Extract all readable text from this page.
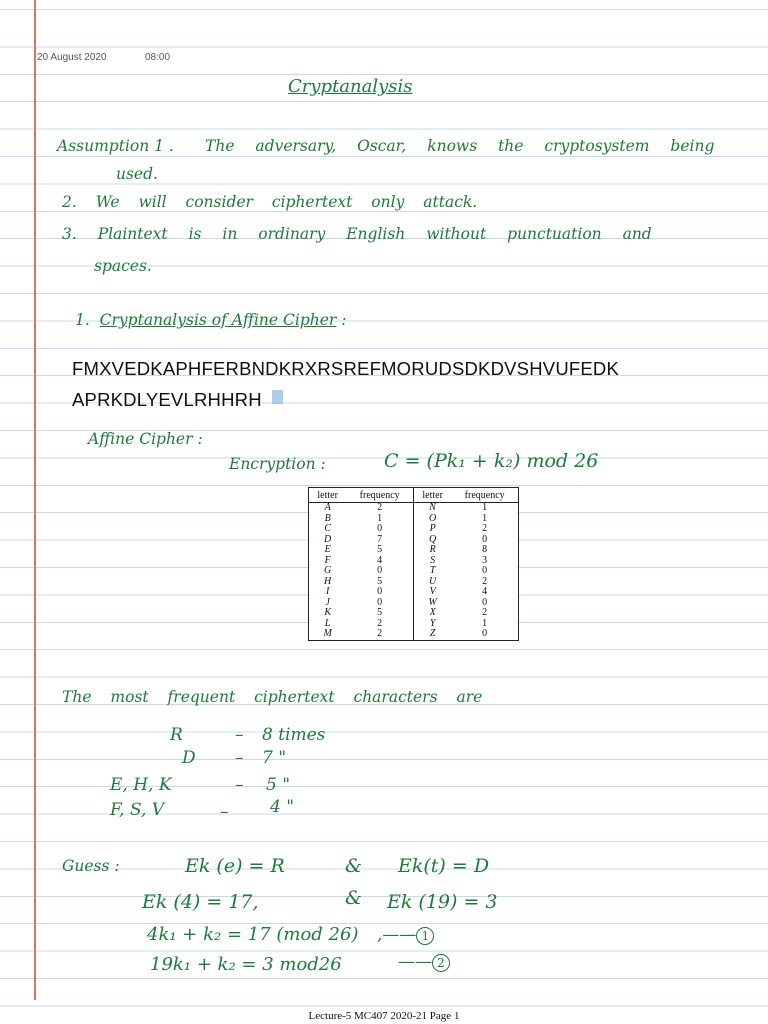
20 August 2020	08:00
Cryptanalysis
Assumption 1 . The adversary, Oscar, knows the cryptosystem being
used.
2. We will consider ciphertext only attack.
3. Plaintext is in ordinary English without punctuation and
spaces.
1. Cryptanalysis of Affine Cipher :
FMXVEDKAPHFERBNDKRXRSREFMORUDSDKDVSHVUFEDK
APRKDLYEVLRHHRH
Affine Cipher :
Encryption :	C = (Pk₁ + k₂) mod 26
letter	frequency	letter	frequency
A	2	N	1
B	1	O	1
C	0	P	2
D	7	Q	0
E	5	R	8
F	4	S	3
G	0	T	0
H	5	U	2
I	0	V	4
J	0	W	0
K	5	X	2
L	2	Y	1
M	2	Z	0
The most frequent ciphertext characters are
R	– 8 times
D – 7 "
E, H, K	– 5 "
F, S, V	– 4 "
Guess :	Ek (e) = R	& Ek(t) = D
Ek (4) = 17,	& Ek (19) = 3
4k₁ + k₂ = 17 (mod 26) ,—— 1
19k₁ + k₂ = 3 mod26	—— 2
Lecture-5 MC407 2020-21 Page 1
